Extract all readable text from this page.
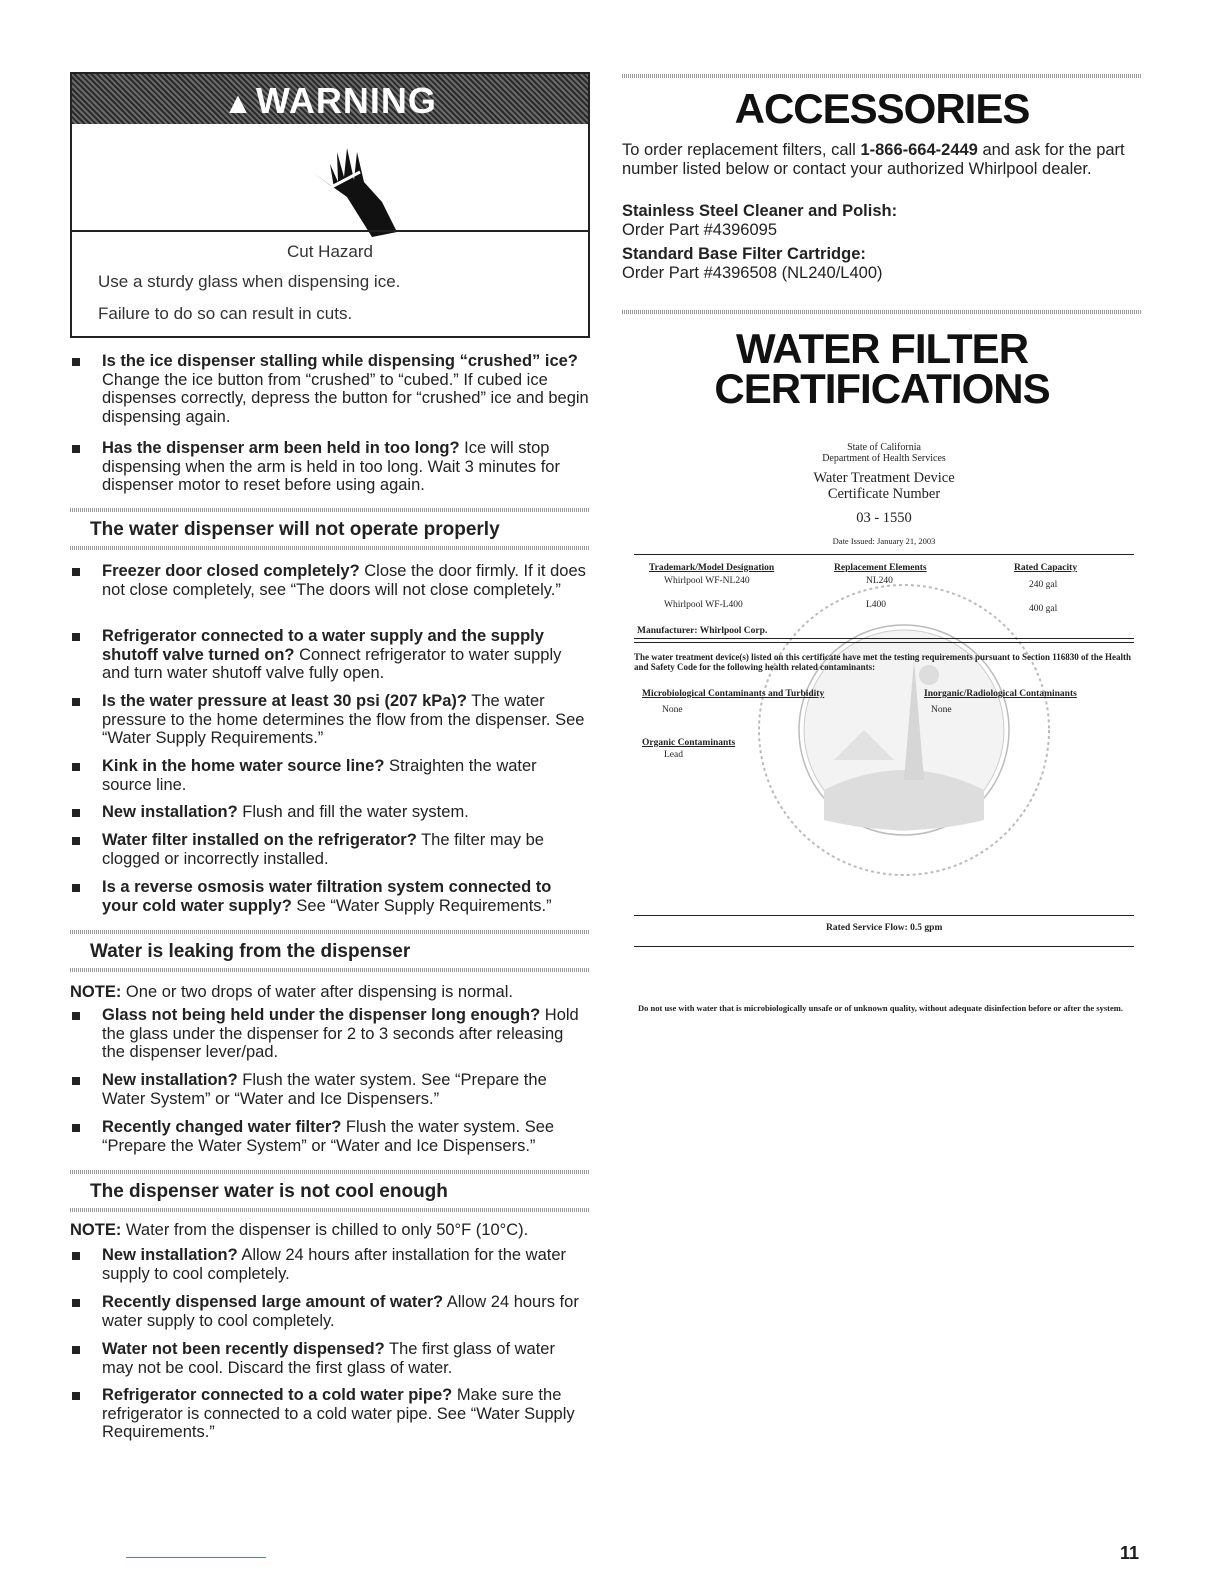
▲WARNING
Cut Hazard
Use a sturdy glass when dispensing ice.
Failure to do so can result in cuts.
Is the ice dispenser stalling while dispensing “crushed” ice? Change the ice button from “crushed” to “cubed.” If cubed ice dispenses correctly, depress the button for “crushed” ice and begin dispensing again.
Has the dispenser arm been held in too long? Ice will stop dispensing when the arm is held in too long. Wait 3 minutes for dispenser motor to reset before using again.
The water dispenser will not operate properly
Freezer door closed completely? Close the door firmly. If it does not close completely, see “The doors will not close completely.”
Refrigerator connected to a water supply and the supply shutoff valve turned on? Connect refrigerator to water supply and turn water shutoff valve fully open.
Is the water pressure at least 30 psi (207 kPa)? The water pressure to the home determines the flow from the dispenser. See “Water Supply Requirements.”
Kink in the home water source line? Straighten the water source line.
New installation? Flush and fill the water system.
Water filter installed on the refrigerator? The filter may be clogged or incorrectly installed.
Is a reverse osmosis water filtration system connected to your cold water supply? See “Water Supply Requirements.”
Water is leaking from the dispenser
NOTE: One or two drops of water after dispensing is normal.
Glass not being held under the dispenser long enough? Hold the glass under the dispenser for 2 to 3 seconds after releasing the dispenser lever/pad.
New installation? Flush the water system. See “Prepare the Water System” or “Water and Ice Dispensers.”
Recently changed water filter? Flush the water system. See “Prepare the Water System” or “Water and Ice Dispensers.”
The dispenser water is not cool enough
NOTE: Water from the dispenser is chilled to only 50°F (10°C).
New installation? Allow 24 hours after installation for the water supply to cool completely.
Recently dispensed large amount of water? Allow 24 hours for water supply to cool completely.
Water not been recently dispensed? The first glass of water may not be cool. Discard the first glass of water.
Refrigerator connected to a cold water pipe? Make sure the refrigerator is connected to a cold water pipe. See “Water Supply Requirements.”
ACCESSORIES
To order replacement filters, call 1-866-664-2449 and ask for the part number listed below or contact your authorized Whirlpool dealer.
Stainless Steel Cleaner and Polish:
Order Part #4396095
Standard Base Filter Cartridge:
Order Part #4396508 (NL240/L400)
WATER FILTER
CERTIFICATIONS
State of California
Department of Health Services
Water Treatment Device
Certificate Number
03 - 1550
Date Issued: January 21, 2003
Trademark/Model Designation	Replacement Elements	Rated Capacity
Whirlpool WF-NL240	NL240	240 gal
Whirlpool WF-L400	L400	400 gal
Manufacturer: Whirlpool Corp.
The water treatment device(s) listed on this certificate have met the testing requirements pursuant to Section 116830 of the Health and Safety Code for the following health related contaminants:
Microbiological Contaminants and Turbidity
None
Inorganic/Radiological Contaminants
None
Organic Contaminants
Lead
Rated Service Flow: 0.5 gpm
Do not use with water that is microbiologically unsafe or of unknown quality, without adequate disinfection before or after the system.
11
